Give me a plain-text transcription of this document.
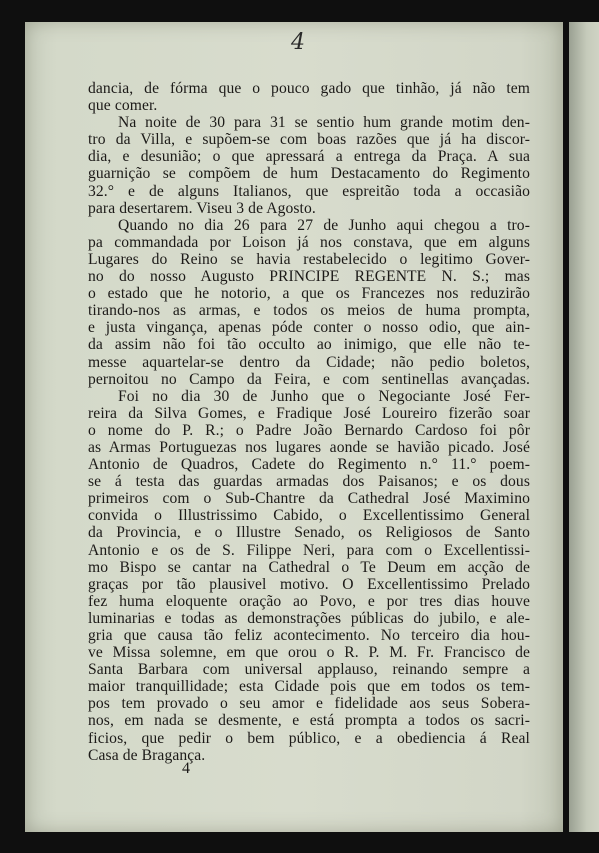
4
dancia, de fórma que o pouco gado que tinhão, já não tem
que comer.
Na noite de 30 para 31 se sentio hum grande motim den-
tro da Villa, e supõem-se com boas razões que já ha discor-
dia, e desunião; o que apressará a entrega da Praça. A sua
guarnição se compõem de hum Destacamento do Regimento
32.° e de alguns Italianos, que espreitão toda a occasião
para desertarem. Viseu 3 de Agosto.
Quando no dia 26 para 27 de Junho aqui chegou a tro-
pa commandada por Loison já nos constava, que em alguns
Lugares do Reino se havia restabelecido o legitimo Gover-
no do nosso Augusto PRINCIPE REGENTE N. S.; mas
o estado que he notorio, a que os Francezes nos reduzirão
tirando-nos as armas, e todos os meios de huma prompta,
e justa vingança, apenas póde conter o nosso odio, que ain-
da assim não foi tão occulto ao inimigo, que elle não te-
messe aquartelar-se dentro da Cidade; não pedio boletos,
pernoitou no Campo da Feira, e com sentinellas avançadas.
Foi no dia 30 de Junho que o Negociante José Fer-
reira da Silva Gomes, e Fradique José Loureiro fizerão soar
o nome do P. R.; o Padre João Bernardo Cardoso foi pôr
as Armas Portuguezas nos lugares aonde se havião picado. José
Antonio de Quadros, Cadete do Regimento n.° 11.° poem-
se á testa das guardas armadas dos Paisanos; e os dous
primeiros com o Sub-Chantre da Cathedral José Maximino
convida o Illustrissimo Cabido, o Excellentissimo General
da Provincia, e o Illustre Senado, os Religiosos de Santo
Antonio e os de S. Filippe Neri, para com o Excellentissi-
mo Bispo se cantar na Cathedral o Te Deum em acção de
graças por tão plausivel motivo. O Excellentissimo Prelado
fez huma eloquente oração ao Povo, e por tres dias houve
luminarias e todas as demonstrações públicas do jubilo, e ale-
gria que causa tão feliz acontecimento. No terceiro dia hou-
ve Missa solemne, em que orou o R. P. M. Fr. Francisco de
Santa Barbara com universal applauso, reinando sempre a
maior tranquillidade; esta Cidade pois que em todos os tem-
pos tem provado o seu amor e fidelidade aos seus Sobera-
nos, em nada se desmente, e está prompta a todos os sacri-
ficios, que pedir o bem público, e a obediencia á Real
Casa de Bragança.
4
